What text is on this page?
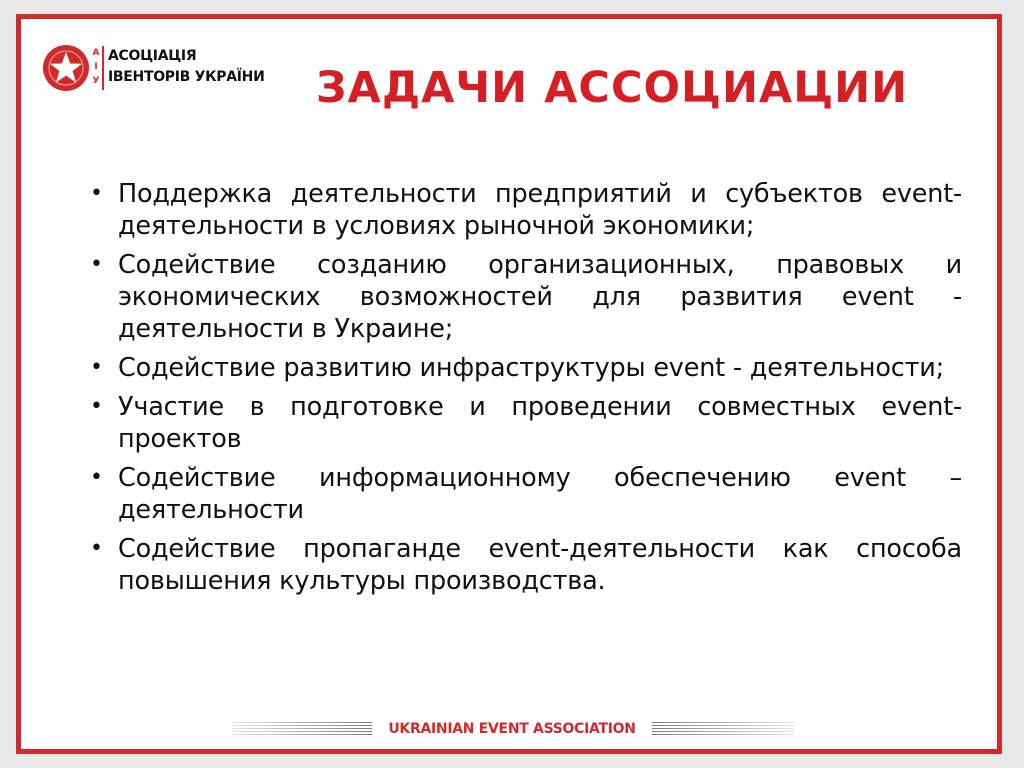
А
І
У
АСОЦІАЦІЯ
ІВЕНТОРІВ УКРАЇНИ ЗАДАЧИ АССОЦИАЦИИ
• Поддержка деятельности предприятий и субъектов event-деятельности в условиях рыночной экономики;
• Содействие созданию организационных, правовых и экономических возможностей для развития event - деятельности в Украине;
• Содействие развитию инфраструктуры event - деятельности;
• Участие в подготовке и проведении совместных event-проектов
• Содействие информационному обеспечению event – деятельности
• Содействие пропаганде event-деятельности как способа повышения культуры производства.
UKRAINIAN EVENT ASSOCIATION
